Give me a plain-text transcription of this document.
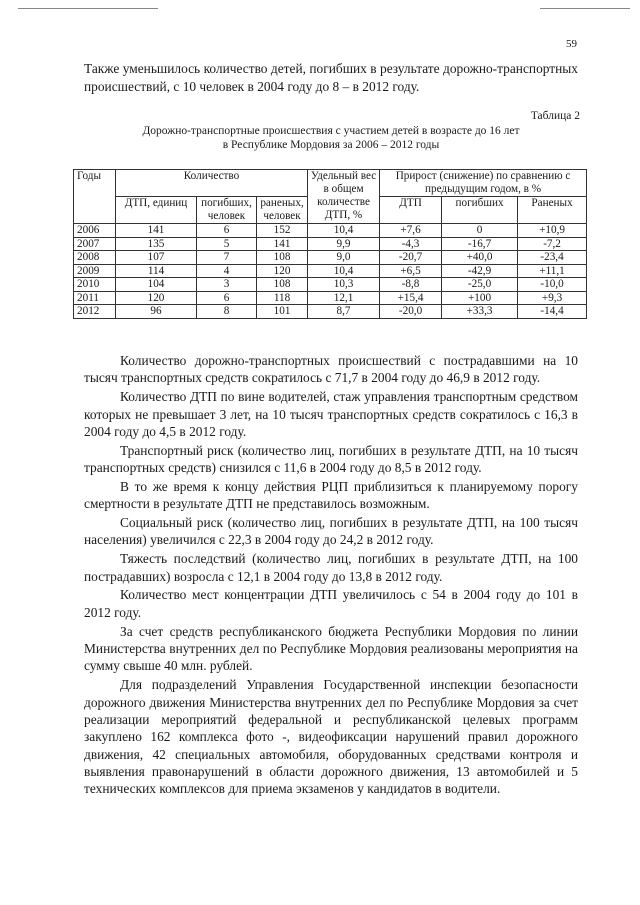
59
Также уменьшилось количество детей, погибших в результате дорожно-транспортных происшествий, с 10 человек в 2004 году до 8 – в 2012 году.
Таблица 2
Дорожно-транспортные происшествия с участием детей в возрасте до 16 лет
в Республике Мордовия за 2006 – 2012 годы
Годы	Количество			Удельный вес в общем количестве ДТП, %	Прирост (снижение) по сравнению с предыдущим годом, в %		
	ДТП, единиц	погибших, человек	раненых, человек		ДТП	погибших	Раненых
2006	141	6	152	10,4	+7,6	0	+10,9
2007	135	5	141	9,9	-4,3	-16,7	-7,2
2008	107	7	108	9,0	-20,7	+40,0	-23,4
2009	114	4	120	10,4	+6,5	-42,9	+11,1
2010	104	3	108	10,3	-8,8	-25,0	-10,0
2011	120	6	118	12,1	+15,4	+100	+9,3
2012	96	8	101	8,7	-20,0	+33,3	-14,4

Количество дорожно-транспортных происшествий с пострадавшими на 10 тысяч транспортных средств сократилось с 71,7 в 2004 году до 46,9 в 2012 году.

Количество ДТП по вине водителей, стаж управления транспортным средством которых не превышает 3 лет, на 10 тысяч транспортных средств сократилось с 16,3 в 2004 году до 4,5 в 2012 году.

Транспортный риск (количество лиц, погибших в результате ДТП, на 10 тысяч транспортных средств) снизился с 11,6 в 2004 году до 8,5 в 2012 году.

В то же время к концу действия РЦП приблизиться к планируемому порогу смертности в результате ДТП не представилось возможным.

Социальный риск (количество лиц, погибших в результате ДТП, на 100 тысяч населения) увеличился с 22,3 в 2004 году до 24,2 в 2012 году.

Тяжесть последствий (количество лиц, погибших в результате ДТП, на 100 пострадавших) возросла с 12,1 в 2004 году до 13,8 в 2012 году.

Количество мест концентрации ДТП увеличилось с 54 в 2004 году до 101 в 2012 году.

За счет средств республиканского бюджета Республики Мордовия по линии Министерства внутренних дел по Республике Мордовия реализованы мероприятия на сумму свыше 40 млн. рублей.

Для подразделений Управления Государственной инспекции безопасности дорожного движения Министерства внутренних дел по Республике Мордовия за счет реализации мероприятий федеральной и республиканской целевых программ закуплено 162 комплекса фото -, видеофиксации нарушений правил дорожного движения, 42 специальных автомобиля, оборудованных средствами контроля и выявления правонарушений в области дорожного движения, 13 автомобилей и 5 технических комплексов для приема экзаменов у кандидатов в водители.
